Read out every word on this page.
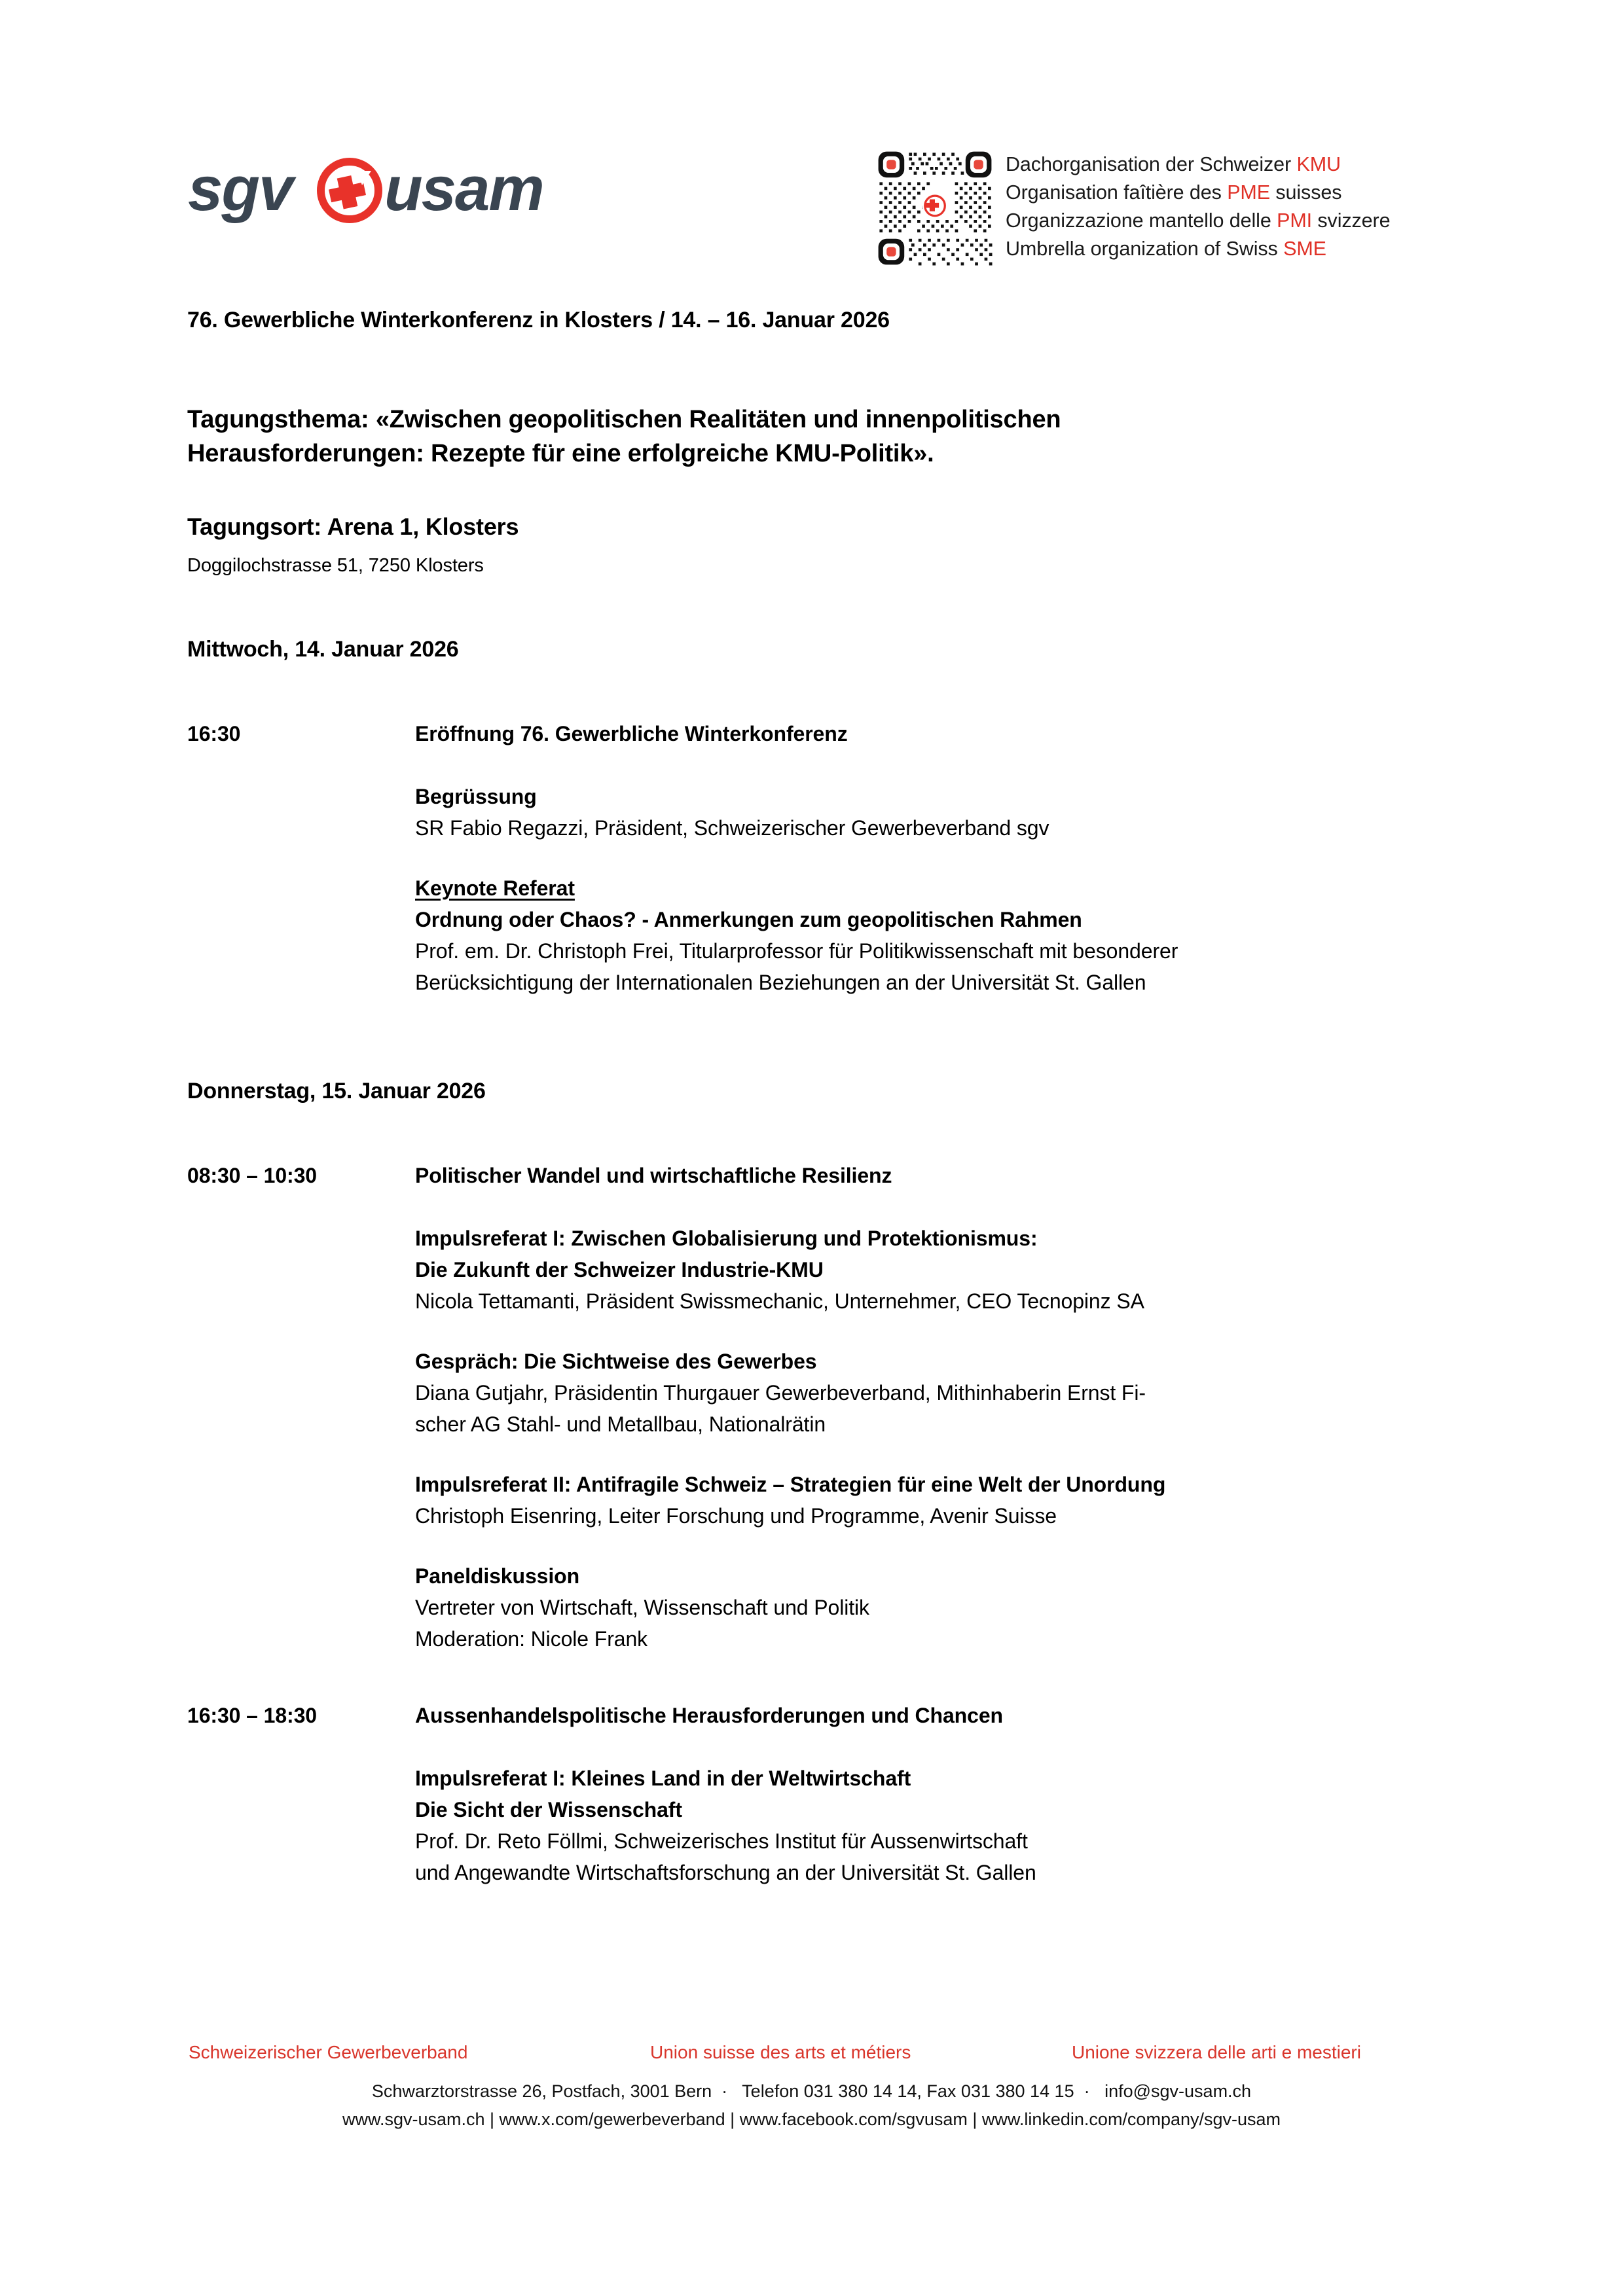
sgv usam	Dachorganisation der Schweizer KMU
Organisation faîtière des PME suisses
Organizzazione mantello delle PMI svizzere
Umbrella organization of Swiss SME
76. Gewerbliche Winterkonferenz in Klosters / 14. – 16. Januar 2026
Tagungsthema: «Zwischen geopolitischen Realitäten und innenpolitischen
Herausforderungen: Rezepte für eine erfolgreiche KMU-Politik».
Tagungsort: Arena 1, Klosters
Doggilochstrasse 51, 7250 Klosters
Mittwoch, 14. Januar 2026
16:30	Eröffnung 76. Gewerbliche Winterkonferenz
Begrüssung
SR Fabio Regazzi, Präsident, Schweizerischer Gewerbeverband sgv
Keynote Referat
Ordnung oder Chaos? - Anmerkungen zum geopolitischen Rahmen
Prof. em. Dr. Christoph Frei, Titularprofessor für Politikwissenschaft mit besonderer
Berücksichtigung der Internationalen Beziehungen an der Universität St. Gallen
Donnerstag, 15. Januar 2026
08:30 – 10:30	Politischer Wandel und wirtschaftliche Resilienz
Impulsreferat I: Zwischen Globalisierung und Protektionismus:
Die Zukunft der Schweizer Industrie-KMU
Nicola Tettamanti, Präsident Swissmechanic, Unternehmer, CEO Tecnopinz SA
Gespräch: Die Sichtweise des Gewerbes
Diana Gutjahr, Präsidentin Thurgauer Gewerbeverband, Mithinhaberin Ernst Fi-
scher AG Stahl- und Metallbau, Nationalrätin
Impulsreferat II: Antifragile Schweiz – Strategien für eine Welt der Unordung
Christoph Eisenring, Leiter Forschung und Programme, Avenir Suisse
Paneldiskussion
Vertreter von Wirtschaft, Wissenschaft und Politik
Moderation: Nicole Frank
16:30 – 18:30	Aussenhandelspolitische Herausforderungen und Chancen
Impulsreferat I: Kleines Land in der Weltwirtschaft
Die Sicht der Wissenschaft
Prof. Dr. Reto Föllmi, Schweizerisches Institut für Aussenwirtschaft
und Angewandte Wirtschaftsforschung an der Universität St. Gallen
Schweizerischer Gewerbeverband	Union suisse des arts et métiers	Unione svizzera delle arti e mestieri
Schwarztorstrasse 26, Postfach, 3001 Bern  ·   Telefon 031 380 14 14, Fax 031 380 14 15  ·   info@sgv-usam.ch
www.sgv-usam.ch | www.x.com/gewerbeverband | www.facebook.com/sgvusam | www.linkedin.com/company/sgv-usam
